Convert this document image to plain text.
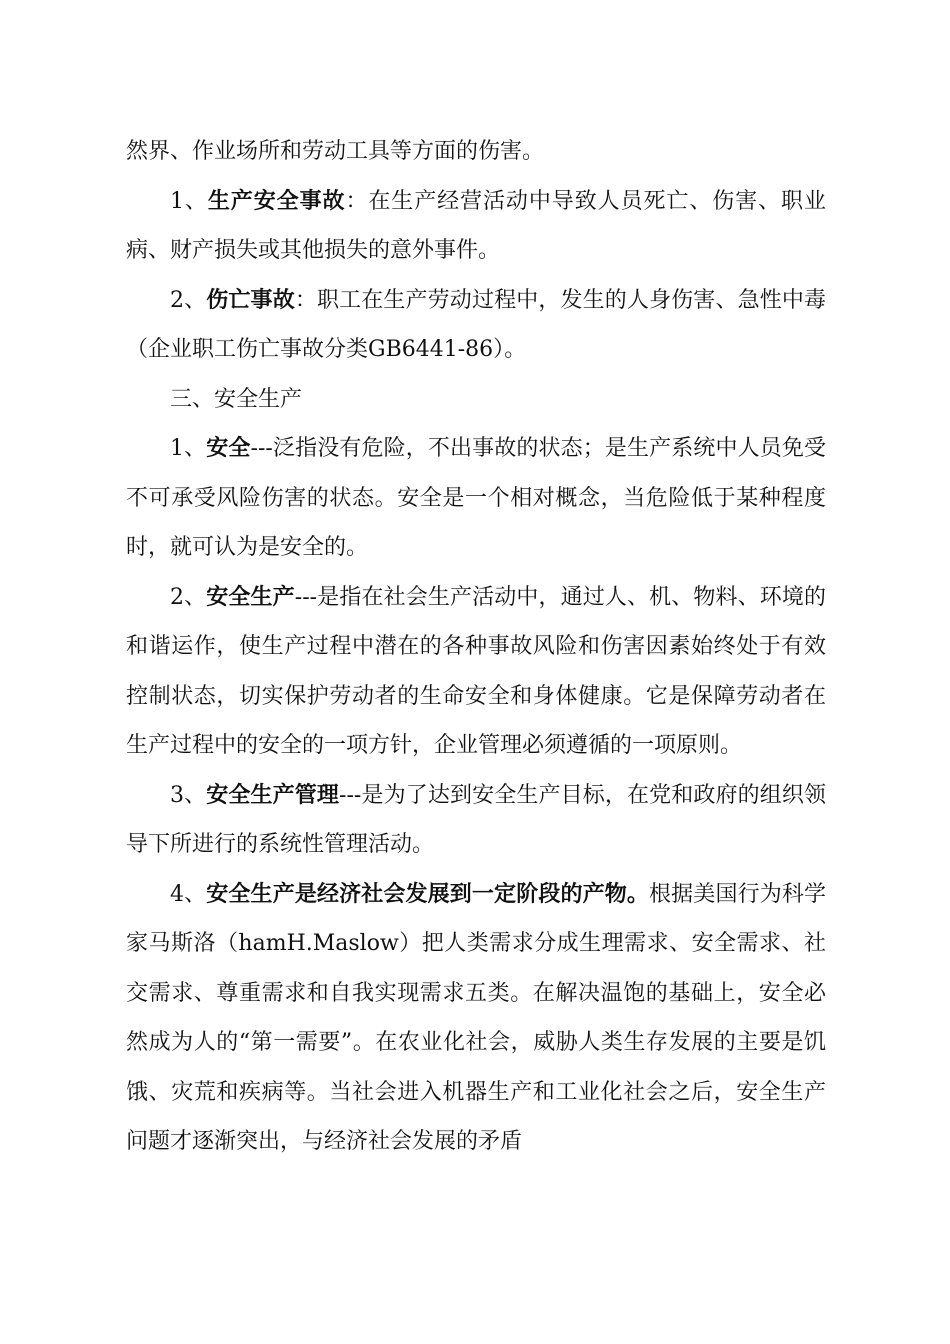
然界、作业场所和劳动工具等方面的伤害。

1、生产安全事故：在生产经营活动中导致人员死亡、伤害、职业病、财产损失或其他损失的意外事件。

2、伤亡事故：职工在生产劳动过程中，发生的人身伤害、急性中毒（企业职工伤亡事故分类GB6441-86）。

三、安全生产

1、安全---泛指没有危险，不出事故的状态；是生产系统中人员免受不可承受风险伤害的状态。安全是一个相对概念，当危险低于某种程度时，就可认为是安全的。

2、安全生产---是指在社会生产活动中，通过人、机、物料、环境的和谐运作，使生产过程中潜在的各种事故风险和伤害因素始终处于有效控制状态，切实保护劳动者的生命安全和身体健康。它是保障劳动者在生产过程中的安全的一项方针，企业管理必须遵循的一项原则。

3、安全生产管理---是为了达到安全生产目标，在党和政府的组织领导下所进行的系统性管理活动。

4、安全生产是经济社会发展到一定阶段的产物。根据美国行为科学家马斯洛（hamH.Maslow）把人类需求分成生理需求、安全需求、社交需求、尊重需求和自我实现需求五类。在解决温饱的基础上，安全必然成为人的“第一需要”。在农业化社会，威胁人类生存发展的主要是饥饿、灾荒和疾病等。当社会进入机器生产和工业化社会之后，安全生产问题才逐渐突出，与经济社会发展的矛盾
